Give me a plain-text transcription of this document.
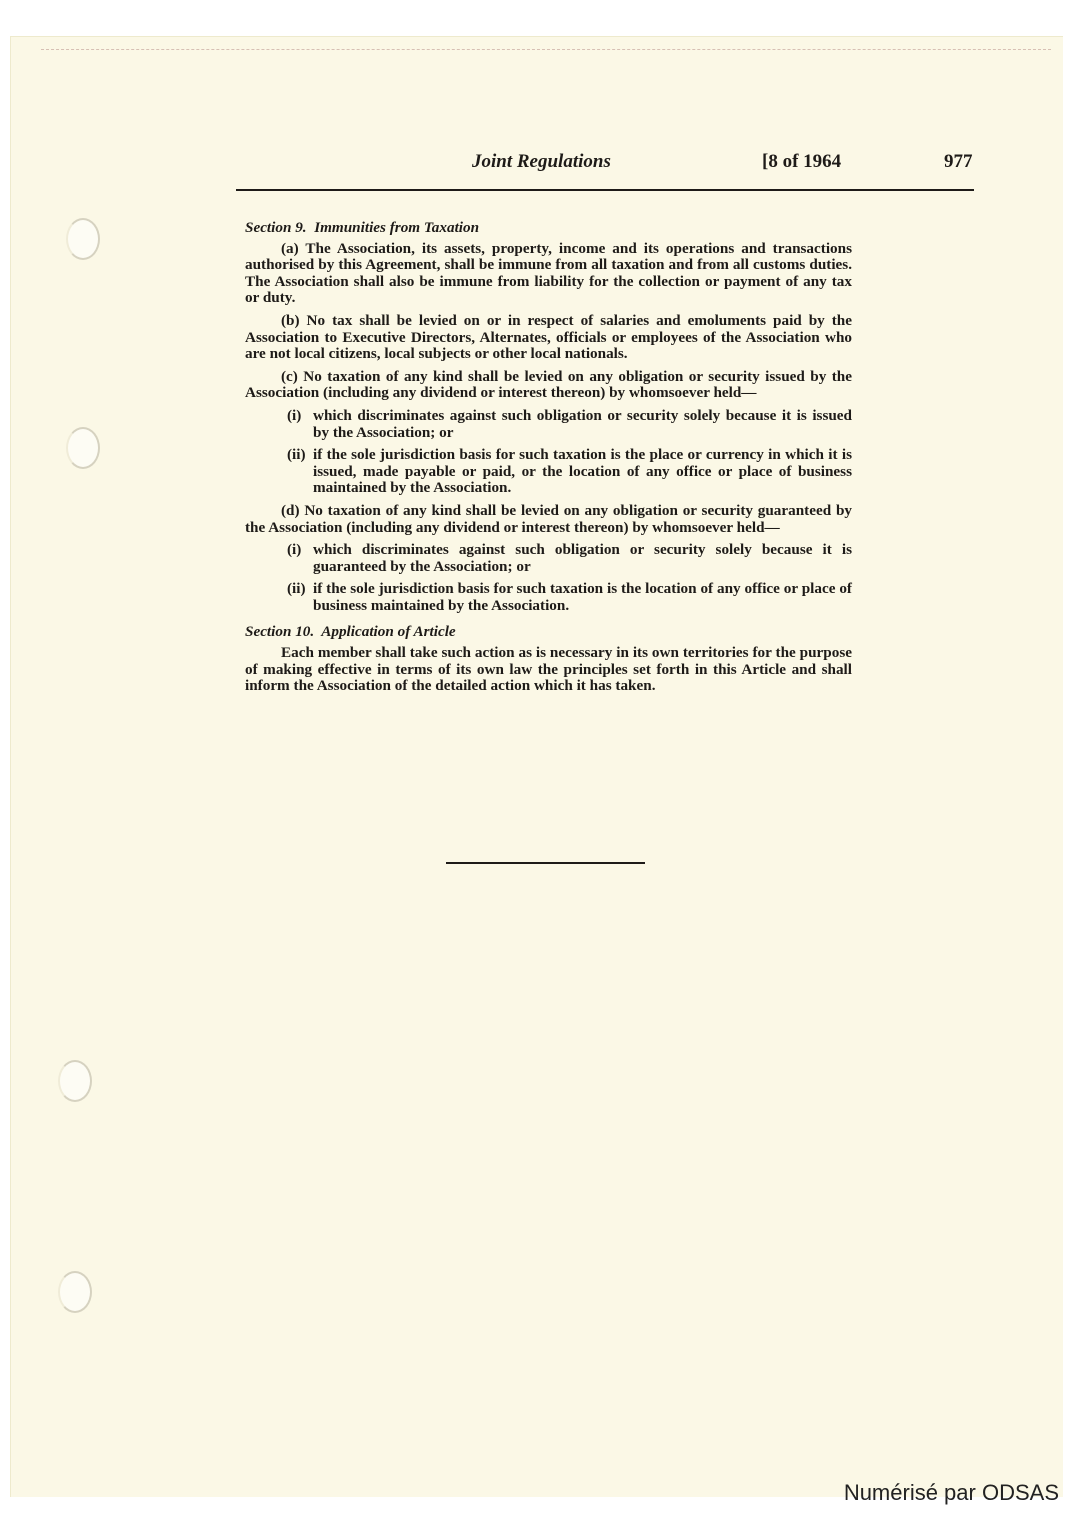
Joint Regulations	[8 of 1964	977

Section 9. Immunities from Taxation

(a) The Association, its assets, property, income and its operations and transactions authorised by this Agreement, shall be immune from all taxation and from all customs duties. The Association shall also be immune from liability for the collection or payment of any tax or duty.

(b) No tax shall be levied on or in respect of salaries and emoluments paid by the Association to Executive Directors, Alternates, officials or employees of the Association who are not local citizens, local subjects or other local nationals.

(c) No taxation of any kind shall be levied on any obligation or security issued by the Association (including any dividend or interest thereon) by whomsoever held—

(i) which discriminates against such obligation or security solely because it is issued by the Association; or

(ii) if the sole jurisdiction basis for such taxation is the place or currency in which it is issued, made payable or paid, or the location of any office or place of business maintained by the Association.

(d) No taxation of any kind shall be levied on any obligation or security guaranteed by the Association (including any dividend or interest thereon) by whomsoever held—

(i) which discriminates against such obligation or security solely because it is guaranteed by the Association; or

(ii) if the sole jurisdiction basis for such taxation is the location of any office or place of business maintained by the Association.

Section 10. Application of Article

Each member shall take such action as is necessary in its own territories for the purpose of making effective in terms of its own law the principles set forth in this Article and shall inform the Association of the detailed action which it has taken.

Numérisé par ODSAS
